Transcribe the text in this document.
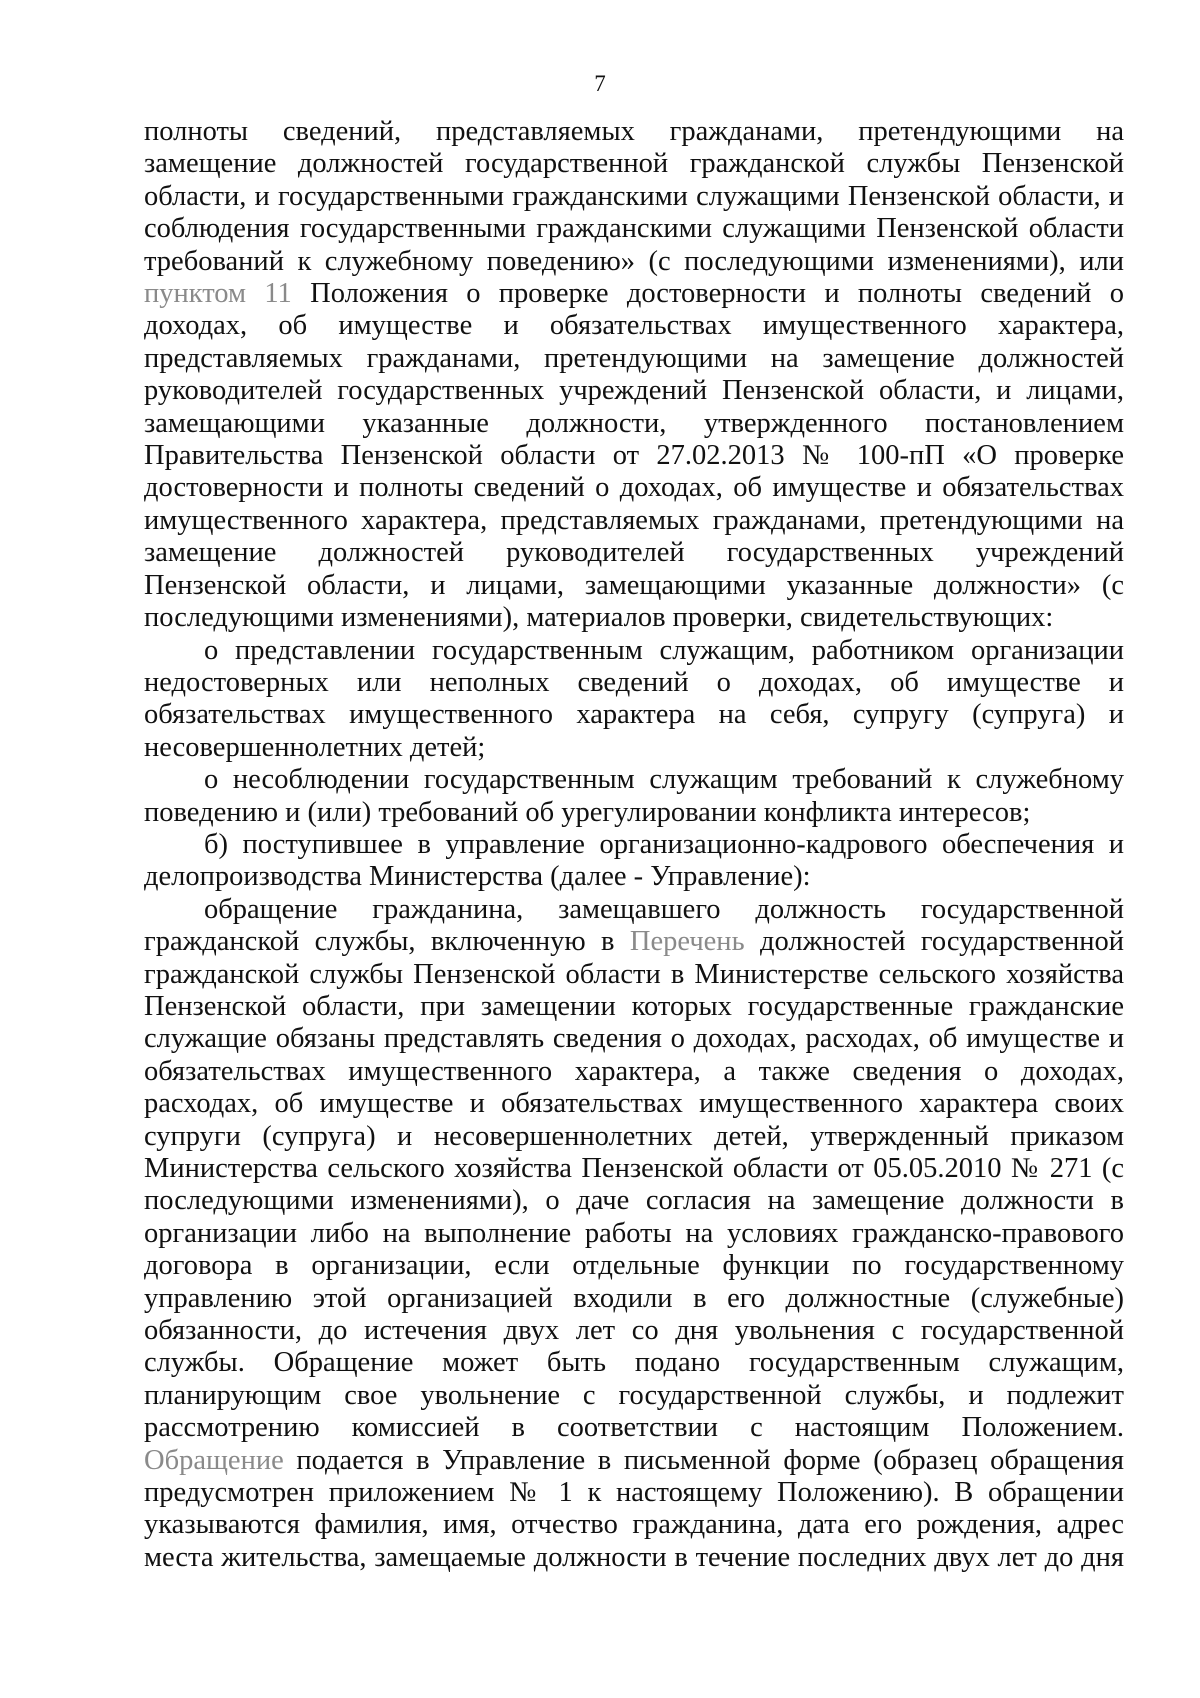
7

полноты сведений, представляемых гражданами, претендующими на

замещение должностей государственной гражданской службы Пензенской

области, и государственными гражданскими служащими Пензенской области, и

соблюдения государственными гражданскими служащими Пензенской области

требований к служебному поведению» (с последующими изменениями), или

пунктом 11 Положения о проверке достоверности и полноты сведений о

доходах, об имуществе и обязательствах имущественного характера,

представляемых гражданами, претендующими на замещение должностей

руководителей государственных учреждений Пензенской области, и лицами,

замещающими указанные должности, утвержденного постановлением

Правительства Пензенской области от 27.02.2013 № 100-пП «О проверке

достоверности и полноты сведений о доходах, об имуществе и обязательствах

имущественного характера, представляемых гражданами, претендующими на

замещение должностей руководителей государственных учреждений

Пензенской области, и лицами, замещающими указанные должности» (с

последующими изменениями), материалов проверки, свидетельствующих:

о представлении государственным служащим, работником организации

недостоверных или неполных сведений о доходах, об имуществе и

обязательствах имущественного характера на себя, супругу (супруга) и

несовершеннолетних детей;

о несоблюдении государственным служащим требований к служебному

поведению и (или) требований об урегулировании конфликта интересов;

б) поступившее в управление организационно-кадрового обеспечения и

делопроизводства Министерства (далее - Управление):

обращение гражданина, замещавшего должность государственной

гражданской службы, включенную в Перечень должностей государственной

гражданской службы Пензенской области в Министерстве сельского хозяйства

Пензенской области, при замещении которых государственные гражданские

служащие обязаны представлять сведения о доходах, расходах, об имуществе и

обязательствах имущественного характера, а также сведения о доходах,

расходах, об имуществе и обязательствах имущественного характера своих

супруги (супруга) и несовершеннолетних детей, утвержденный приказом

Министерства сельского хозяйства Пензенской области от 05.05.2010 № 271 (с

последующими изменениями), о даче согласия на замещение должности в

организации либо на выполнение работы на условиях гражданско-правового

договора в организации, если отдельные функции по государственному

управлению этой организацией входили в его должностные (служебные)

обязанности, до истечения двух лет со дня увольнения с государственной

службы. Обращение может быть подано государственным служащим,

планирующим свое увольнение с государственной службы, и подлежит

рассмотрению комиссией в соответствии с настоящим Положением.

Обращение подается в Управление в письменной форме (образец обращения

предусмотрен приложением № 1 к настоящему Положению). В обращении

указываются фамилия, имя, отчество гражданина, дата его рождения, адрес

места жительства, замещаемые должности в течение последних двух лет до дня
